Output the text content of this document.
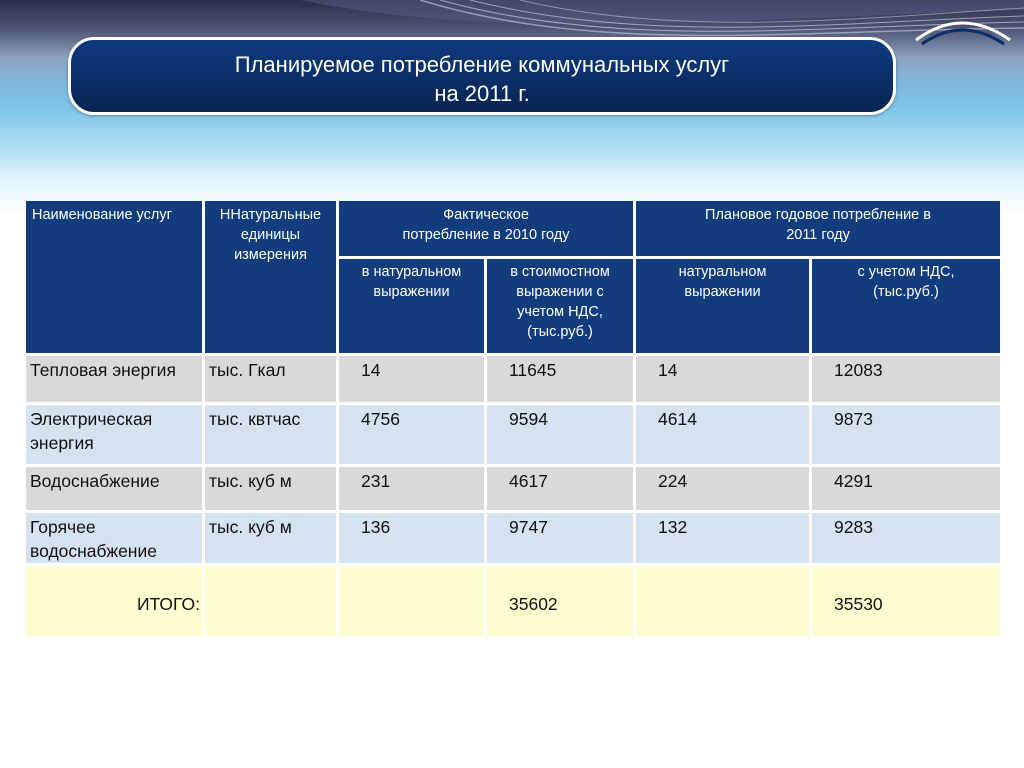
Планируемое потребление коммунальных услуг
на 2011 г.
Наименование услуг	ННатуральные единицы измерения	Фактическое потребление в 2010 году		Плановое годовое потребление в 2011 году	
		в натуральном выражении	в стоимостном выражении с учетом НДС, (тыс.руб.)	натуральном выражении	с учетом НДС, (тыс.руб.)
Тепловая энергия	тыс. Гкал	14	11645	14	12083
Электрическая энергия	тыс. квтчас	4756	9594	4614	9873
Водоснабжение	тыс. куб м	231	4617	224	4291
Горячее водоснабжение	тыс. куб м	136	9747	132	9283
ИТОГО:			35602		35530
